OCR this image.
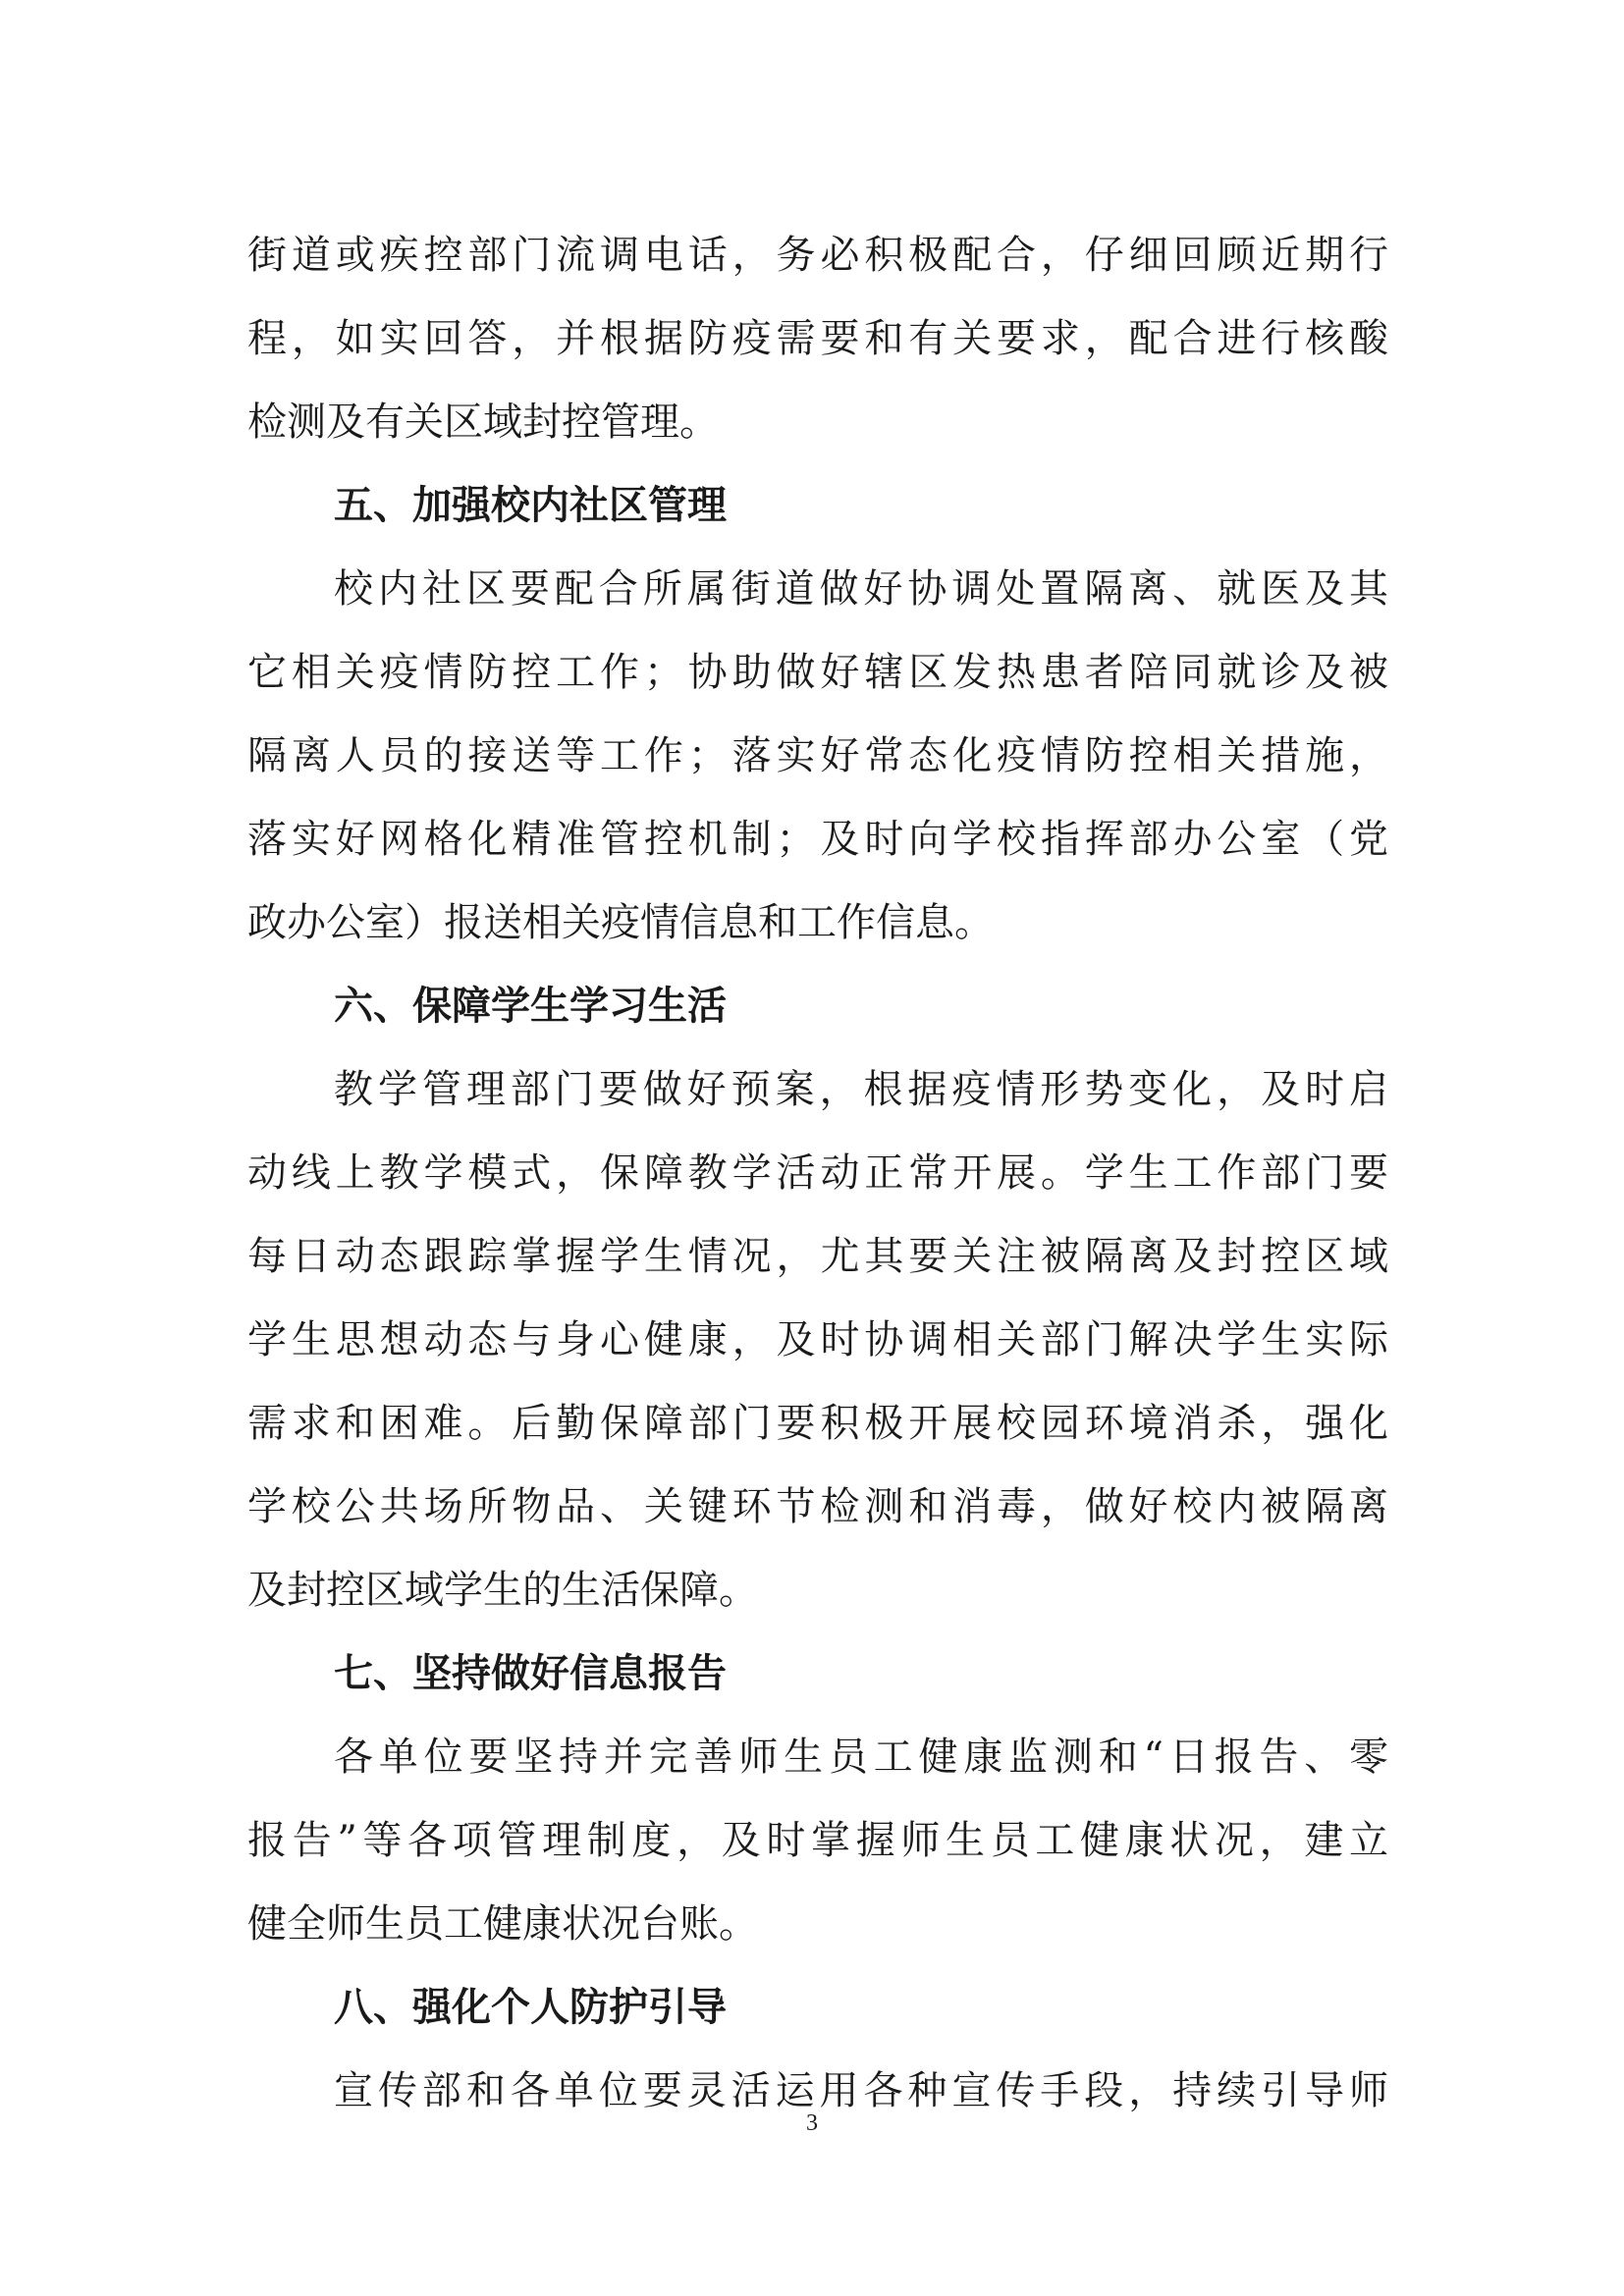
街道或疾控部门流调电话，务必积极配合，仔细回顾近期行
程，如实回答，并根据防疫需要和有关要求，配合进行核酸
检测及有关区域封控管理。
五、加强校内社区管理
校内社区要配合所属街道做好协调处置隔离、就医及其
它相关疫情防控工作；协助做好辖区发热患者陪同就诊及被
隔离人员的接送等工作；落实好常态化疫情防控相关措施，
落实好网格化精准管控机制；及时向学校指挥部办公室（党
政办公室）报送相关疫情信息和工作信息。
六、保障学生学习生活
教学管理部门要做好预案，根据疫情形势变化，及时启
动线上教学模式，保障教学活动正常开展。学生工作部门要
每日动态跟踪掌握学生情况，尤其要关注被隔离及封控区域
学生思想动态与身心健康，及时协调相关部门解决学生实际
需求和困难。后勤保障部门要积极开展校园环境消杀，强化
学校公共场所物品、关键环节检测和消毒，做好校内被隔离
及封控区域学生的生活保障。
七、坚持做好信息报告
各单位要坚持并完善师生员工健康监测和“日报告、零
报告”等各项管理制度，及时掌握师生员工健康状况，建立
健全师生员工健康状况台账。
八、强化个人防护引导
宣传部和各单位要灵活运用各种宣传手段，持续引导师
3
